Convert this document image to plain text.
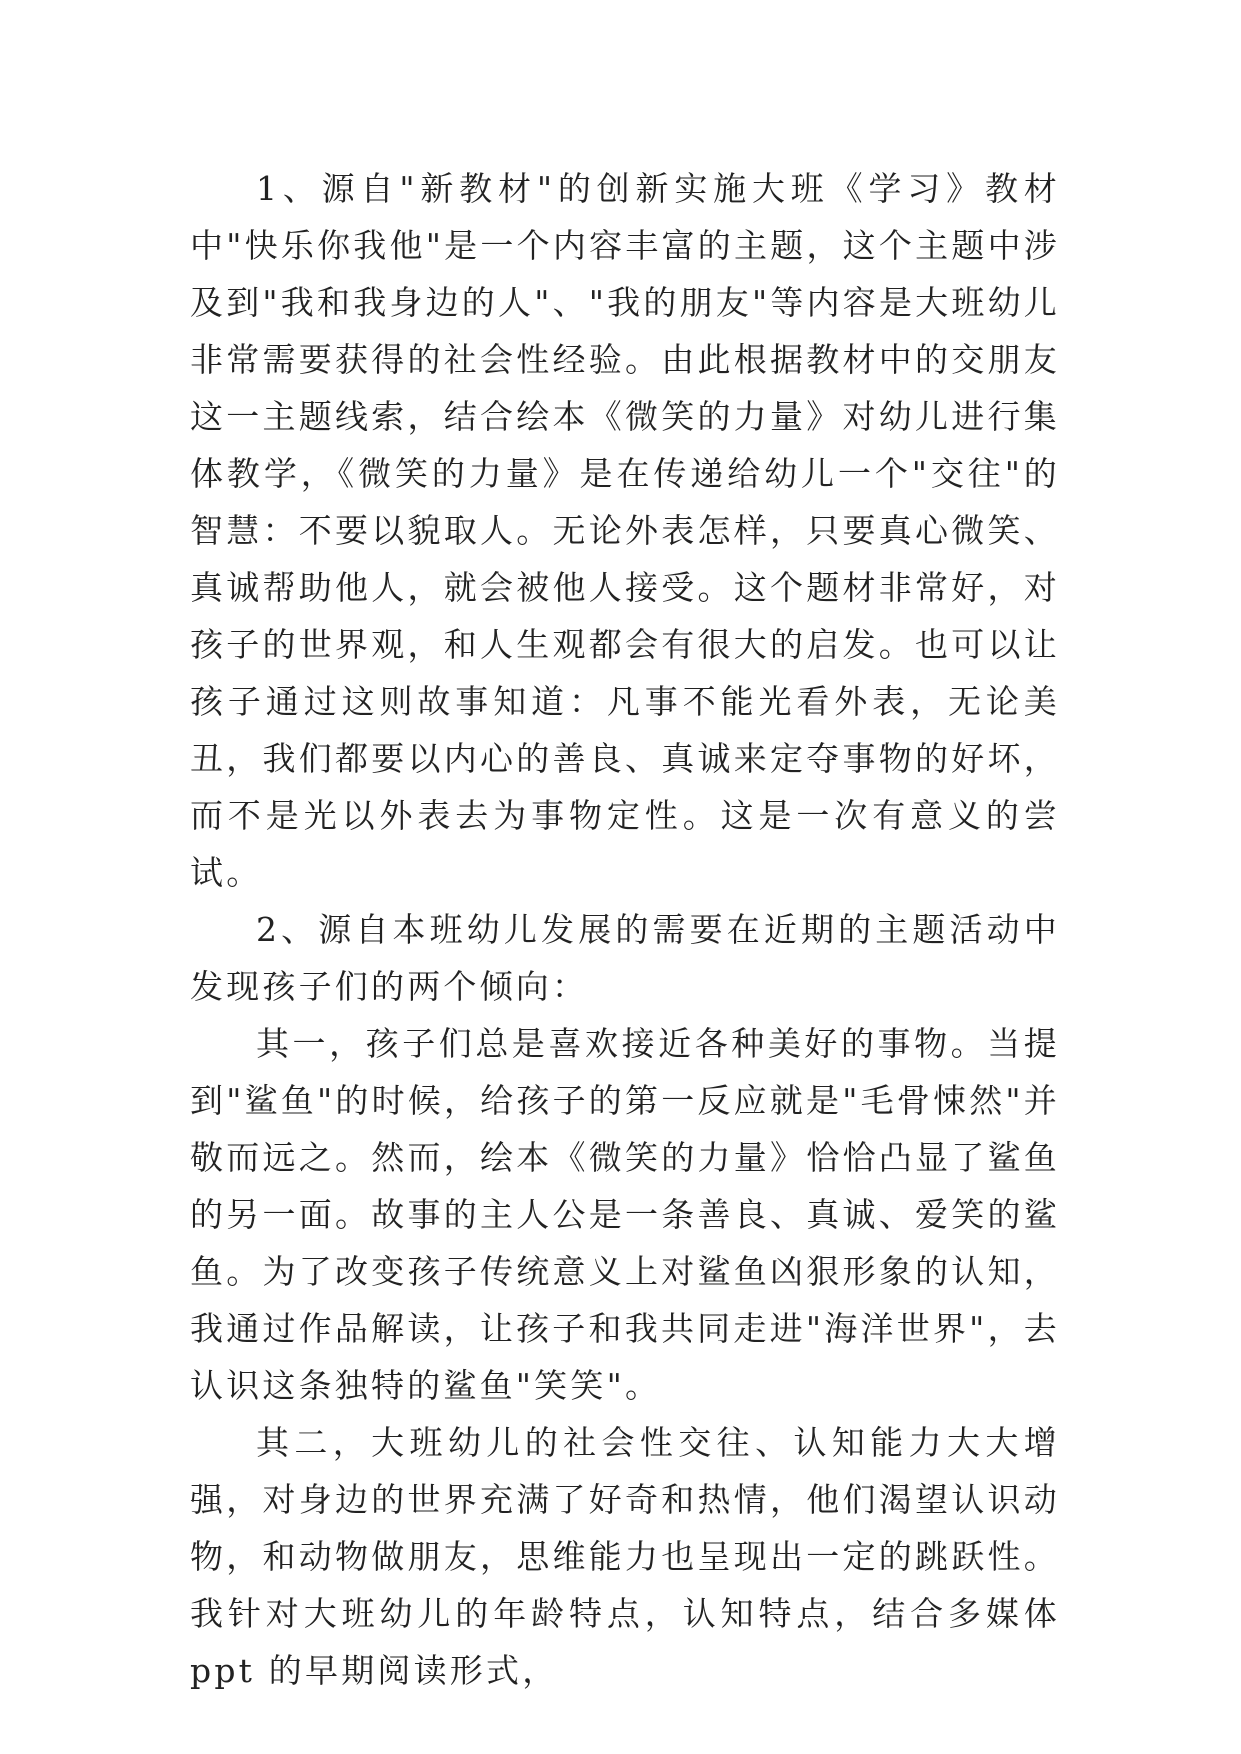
1、源自"新教材"的创新实施大班《学习》教材中"快乐你我他"是一个内容丰富的主题，这个主题中涉及到"我和我身边的人"、"我的朋友"等内容是大班幼儿非常需要获得的社会性经验。由此根据教材中的交朋友这一主题线索，结合绘本《微笑的力量》对幼儿进行集体教学，《微笑的力量》是在传递给幼儿一个"交往"的智慧：不要以貌取人。无论外表怎样，只要真心微笑、真诚帮助他人，就会被他人接受。这个题材非常好，对孩子的世界观，和人生观都会有很大的启发。也可以让孩子通过这则故事知道：凡事不能光看外表，无论美丑，我们都要以内心的善良、真诚来定夺事物的好坏，而不是光以外表去为事物定性。这是一次有意义的尝试。

2、源自本班幼儿发展的需要在近期的主题活动中发现孩子们的两个倾向：

其一，孩子们总是喜欢接近各种美好的事物。当提到"鲨鱼"的时候，给孩子的第一反应就是"毛骨悚然"并敬而远之。然而，绘本《微笑的力量》恰恰凸显了鲨鱼的另一面。故事的主人公是一条善良、真诚、爱笑的鲨鱼。为了改变孩子传统意义上对鲨鱼凶狠形象的认知，我通过作品解读，让孩子和我共同走进"海洋世界"，去认识这条独特的鲨鱼"笑笑"。

其二，大班幼儿的社会性交往、认知能力大大增强，对身边的世界充满了好奇和热情，他们渴望认识动物，和动物做朋友，思维能力也呈现出一定的跳跃性。我针对大班幼儿的年龄特点，认知特点，结合多媒体 ppt 的早期阅读形式，
